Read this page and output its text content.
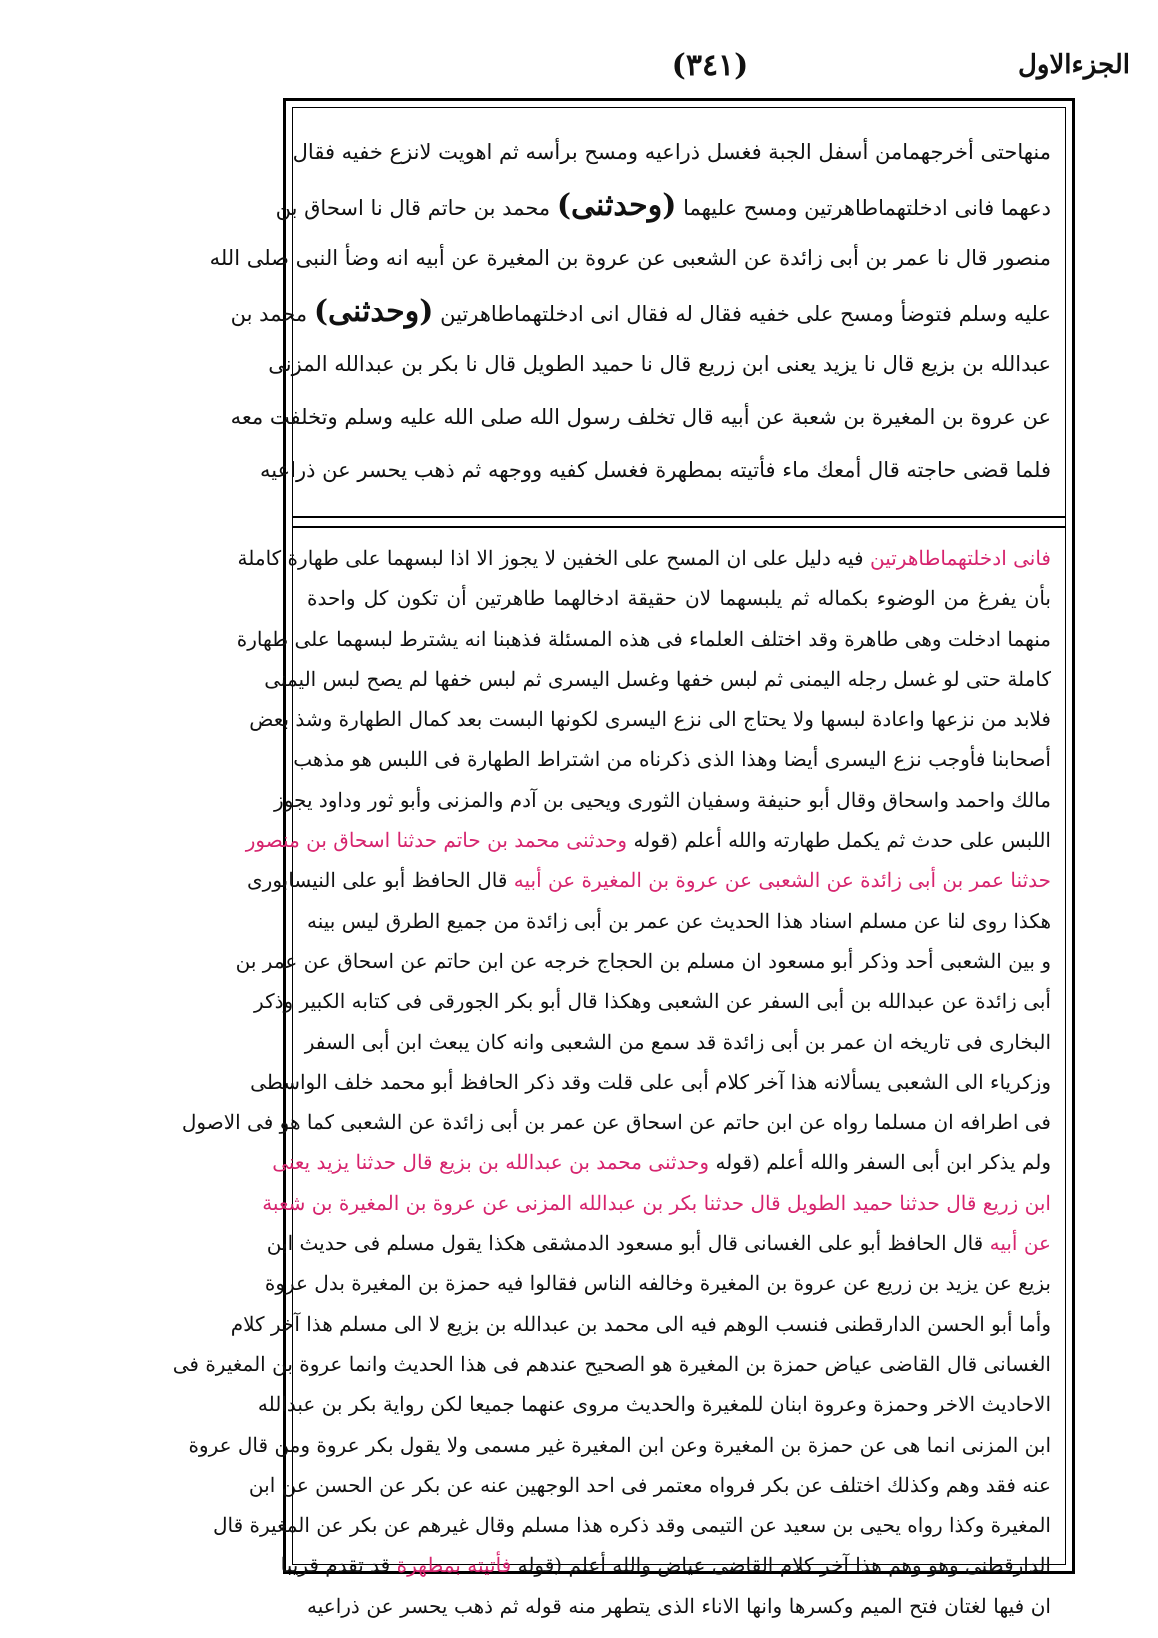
الجزءالاول
(٣٤١)
منهاحتى أخرجهمامن أسفل الجبة فغسل ذراعيه ومسح برأسه ثم اهويت لانزع خفيه فقال
دعهما فانى ادخلتهماطاهرتين ومسح عليهما (وحدثنى) محمد بن حاتم قال نا اسحاق بن
منصور قال نا عمر بن أبى زائدة عن الشعبى عن عروة بن المغيرة عن أبيه انه وضأ النبى صلى الله
عليه وسلم فتوضأ ومسح على خفيه فقال له فقال انى ادخلتهماطاهرتين (وحدثنى) محمد بن
عبدالله بن بزيع قال نا يزيد يعنى ابن زريع قال نا حميد الطويل قال نا بكر بن عبدالله المزنى
عن عروة بن المغيرة بن شعبة عن أبيه قال تخلف رسول الله صلى الله عليه وسلم وتخلفت معه
فلما قضى حاجته قال أمعك ماء فأتيته بمطهرة فغسل كفيه ووجهه ثم ذهب يحسر عن ذراعيه
فانى ادخلتهماطاهرتين فيه دليل على ان المسح على الخفين لا يجوز الا اذا لبسهما على طهارة كاملة
بأن يفرغ من الوضوء بكماله ثم يلبسهما لان حقيقة ادخالهما طاهرتين أن تكون كل واحدة
منهما ادخلت وهى طاهرة وقد اختلف العلماء فى هذه المسئلة فذهبنا انه يشترط لبسهما على طهارة
كاملة حتى لو غسل رجله اليمنى ثم لبس خفها وغسل اليسرى ثم لبس خفها لم يصح لبس اليمنى
فلابد من نزعها واعادة لبسها ولا يحتاج الى نزع اليسرى لكونها البست بعد كمال الطهارة وشذ بعض
أصحابنا فأوجب نزع اليسرى أيضا وهذا الذى ذكرناه من اشتراط الطهارة فى اللبس هو مذهب
مالك واحمد واسحاق وقال أبو حنيفة وسفيان الثورى ويحيى بن آدم والمزنى وأبو ثور وداود يجوز
اللبس على حدث ثم يكمل طهارته والله أعلم (قوله وحدثنى محمد بن حاتم حدثنا اسحاق بن منصور
حدثنا عمر بن أبى زائدة عن الشعبى عن عروة بن المغيرة عن أبيه قال الحافظ أبو على النيسابورى
هكذا روى لنا عن مسلم اسناد هذا الحديث عن عمر بن أبى زائدة من جميع الطرق ليس بينه
و بين الشعبى أحد وذكر أبو مسعود ان مسلم بن الحجاج خرجه عن ابن حاتم عن اسحاق عن عمر بن
أبى زائدة عن عبدالله بن أبى السفر عن الشعبى وهكذا قال أبو بكر الجورقى فى كتابه الكبير وذكر
البخارى فى تاريخه ان عمر بن أبى زائدة قد سمع من الشعبى وانه كان يبعث ابن أبى السفر
وزكرياء الى الشعبى يسألانه هذا آخر كلام أبى على قلت وقد ذكر الحافظ أبو محمد خلف الواسطى
فى اطرافه ان مسلما رواه عن ابن حاتم عن اسحاق عن عمر بن أبى زائدة عن الشعبى كما هو فى الاصول
ولم يذكر ابن أبى السفر والله أعلم (قوله وحدثنى محمد بن عبدالله بن بزيع قال حدثنا يزيد يعنى
ابن زريع قال حدثنا حميد الطويل قال حدثنا بكر بن عبدالله المزنى عن عروة بن المغيرة بن شعبة
عن أبيه قال الحافظ أبو على الغسانى قال أبو مسعود الدمشقى هكذا يقول مسلم فى حديث ابن
بزيع عن يزيد بن زريع عن عروة بن المغيرة وخالفه الناس فقالوا فيه حمزة بن المغيرة بدل عروة
وأما أبو الحسن الدارقطنى فنسب الوهم فيه الى محمد بن عبدالله بن بزيع لا الى مسلم هذا آخر كلام
الغسانى قال القاضى عياض حمزة بن المغيرة هو الصحيح عندهم فى هذا الحديث وانما عروة بن المغيرة فى
الاحاديث الاخر وحمزة وعروة ابنان للمغيرة والحديث مروى عنهما جميعا لكن رواية بكر بن عبدالله
ابن المزنى انما هى عن حمزة بن المغيرة وعن ابن المغيرة غير مسمى ولا يقول بكر عروة ومن قال عروة
عنه فقد وهم وكذلك اختلف عن بكر فرواه معتمر فى احد الوجهين عنه عن بكر عن الحسن عن ابن
المغيرة وكذا رواه يحيى بن سعيد عن التيمى وقد ذكره هذا مسلم وقال غيرهم عن بكر عن المغيرة قال
الدارقطنى وهو وهم هذا آخر كلام القاضى عياض والله أعلم (قوله فأتيته بمطهرة قد تقدم قريبا
ان فيها لغتان فتح الميم وكسرها وانها الاناء الذى يتطهر منه قوله ثم ذهب يحسر عن ذراعيه
